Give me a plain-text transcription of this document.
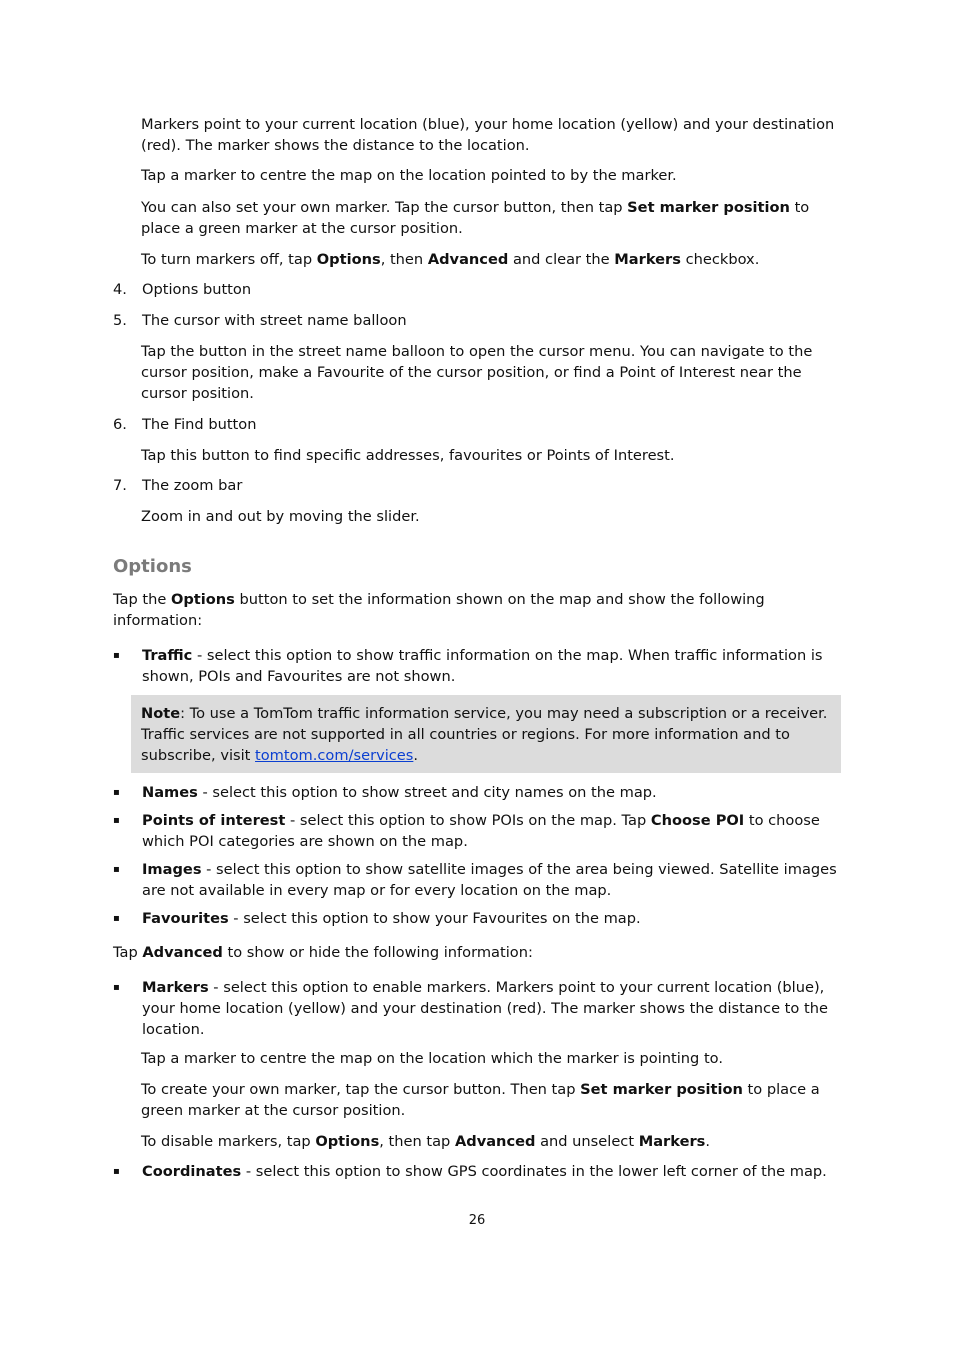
Markers point to your current location (blue), your home location (yellow) and your destination (red). The marker shows the distance to the location.

Tap a marker to centre the map on the location pointed to by the marker.

You can also set your own marker. Tap the cursor button, then tap Set marker position to place a green marker at the cursor position.

To turn markers off, tap Options, then Advanced and clear the Markers checkbox.

4. Options button
5. The cursor with street name balloon

Tap the button in the street name balloon to open the cursor menu. You can navigate to the cursor position, make a Favourite of the cursor position, or find a Point of Interest near the cursor position.

6. The Find button

Tap this button to find specific addresses, favourites or Points of Interest.

7. The zoom bar

Zoom in and out by moving the slider.

Options

Tap the Options button to set the information shown on the map and show the following information:

▪ Traffic - select this option to show traffic information on the map. When traffic information is shown, POIs and Favourites are not shown.

Note: To use a TomTom traffic information service, you may need a subscription or a receiver. Traffic services are not supported in all countries or regions. For more information and to subscribe, visit tomtom.com/services.

▪ Names - select this option to show street and city names on the map.

▪ Points of interest - select this option to show POIs on the map. Tap Choose POI to choose which POI categories are shown on the map.

▪ Images - select this option to show satellite images of the area being viewed. Satellite images are not available in every map or for every location on the map.

▪ Favourites - select this option to show your Favourites on the map.

Tap Advanced to show or hide the following information:

▪ Markers - select this option to enable markers. Markers point to your current location (blue), your home location (yellow) and your destination (red). The marker shows the distance to the location.

Tap a marker to centre the map on the location which the marker is pointing to.

To create your own marker, tap the cursor button. Then tap Set marker position to place a green marker at the cursor position.

To disable markers, tap Options, then tap Advanced and unselect Markers.

▪ Coordinates - select this option to show GPS coordinates in the lower left corner of the map.

26
